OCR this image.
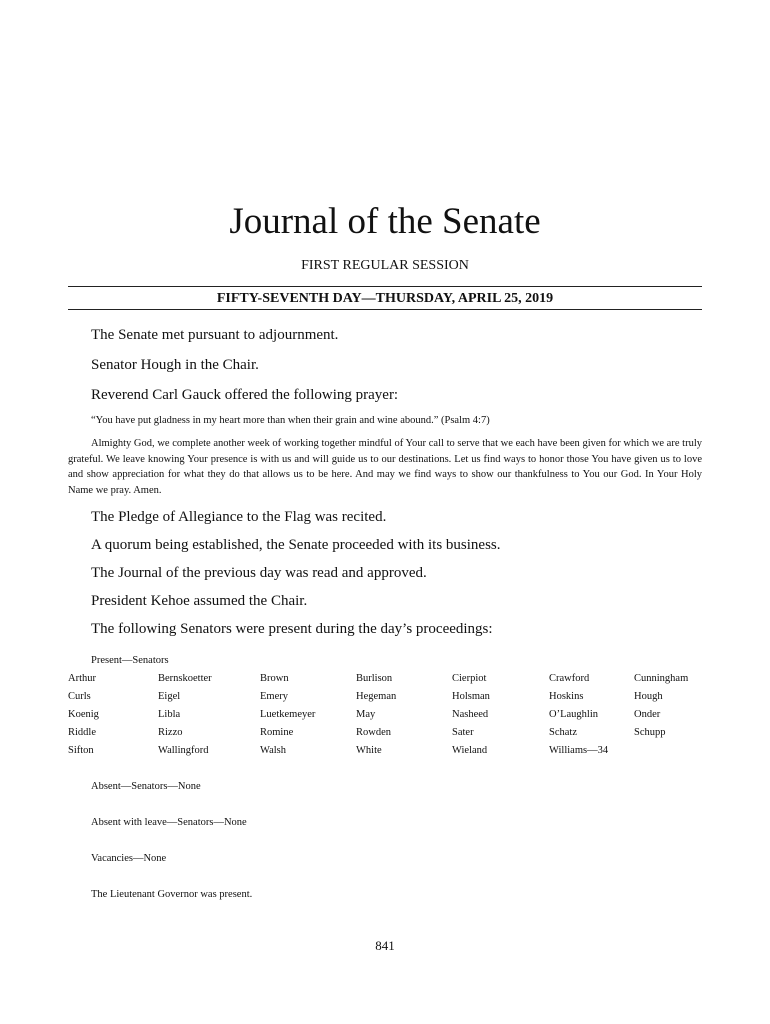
Journal of the Senate
FIRST REGULAR SESSION
FIFTY-SEVENTH DAY—THURSDAY, APRIL 25, 2019
The Senate met pursuant to adjournment.
Senator Hough in the Chair.
Reverend Carl Gauck offered the following prayer:
“You have put gladness in my heart more than when their grain and wine abound.” (Psalm 4:7)
Almighty God, we complete another week of working together mindful of Your call to serve that we each have been given for which we are truly grateful. We leave knowing Your presence is with us and will guide us to our destinations. Let us find ways to honor those You have given us to love and show appreciation for what they do that allows us to be here. And may we find ways to show our thankfulness to You our God. In Your Holy Name we pray. Amen.
The Pledge of Allegiance to the Flag was recited.
A quorum being established, the Senate proceeded with its business.
The Journal of the previous day was read and approved.
President Kehoe assumed the Chair.
The following Senators were present during the day’s proceedings:
Present—Senators
Arthur	Bernskoetter	Brown	Burlison	Cierpiot	Crawford	Cunningham
Curls	Eigel	Emery	Hegeman	Holsman	Hoskins	Hough
Koenig	Libla	Luetkemeyer	May	Nasheed	O’Laughlin	Onder
Riddle	Rizzo	Romine	Rowden	Sater	Schatz	Schupp
Sifton	Wallingford	Walsh	White	Wieland	Williams—34
Absent—Senators—None
Absent with leave—Senators—None
Vacancies—None
The Lieutenant Governor was present.
841
